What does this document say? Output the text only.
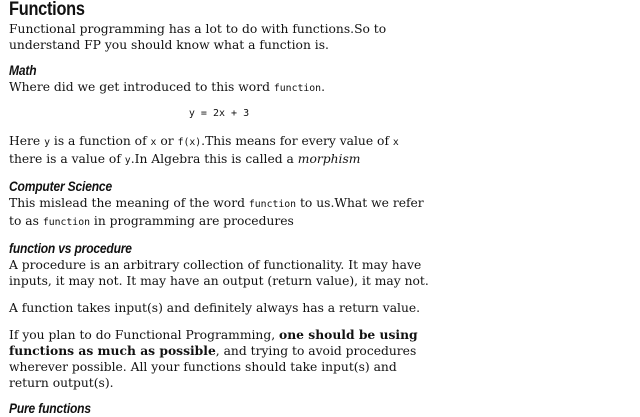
Functions

Functional programming has a lot to do with functions.So to understand FP you should know what a function is.

Math

Where did we get introduced to this word function.

y = 2x + 3

Here y is a function of x or f(x).This means for every value of x there is a value of y.In Algebra this is called a morphism

Computer Science

This mislead the meaning of the word function to us.What we refer to as function in programming are procedures

function vs procedure

A procedure is an arbitrary collection of functionality. It may have inputs, it may not. It may have an output (return value), it may not.

A function takes input(s) and definitely always has a return value.

If you plan to do Functional Programming, one should be using functions as much as possible, and trying to avoid procedures wherever possible. All your functions should take input(s) and return output(s).

Pure functions
